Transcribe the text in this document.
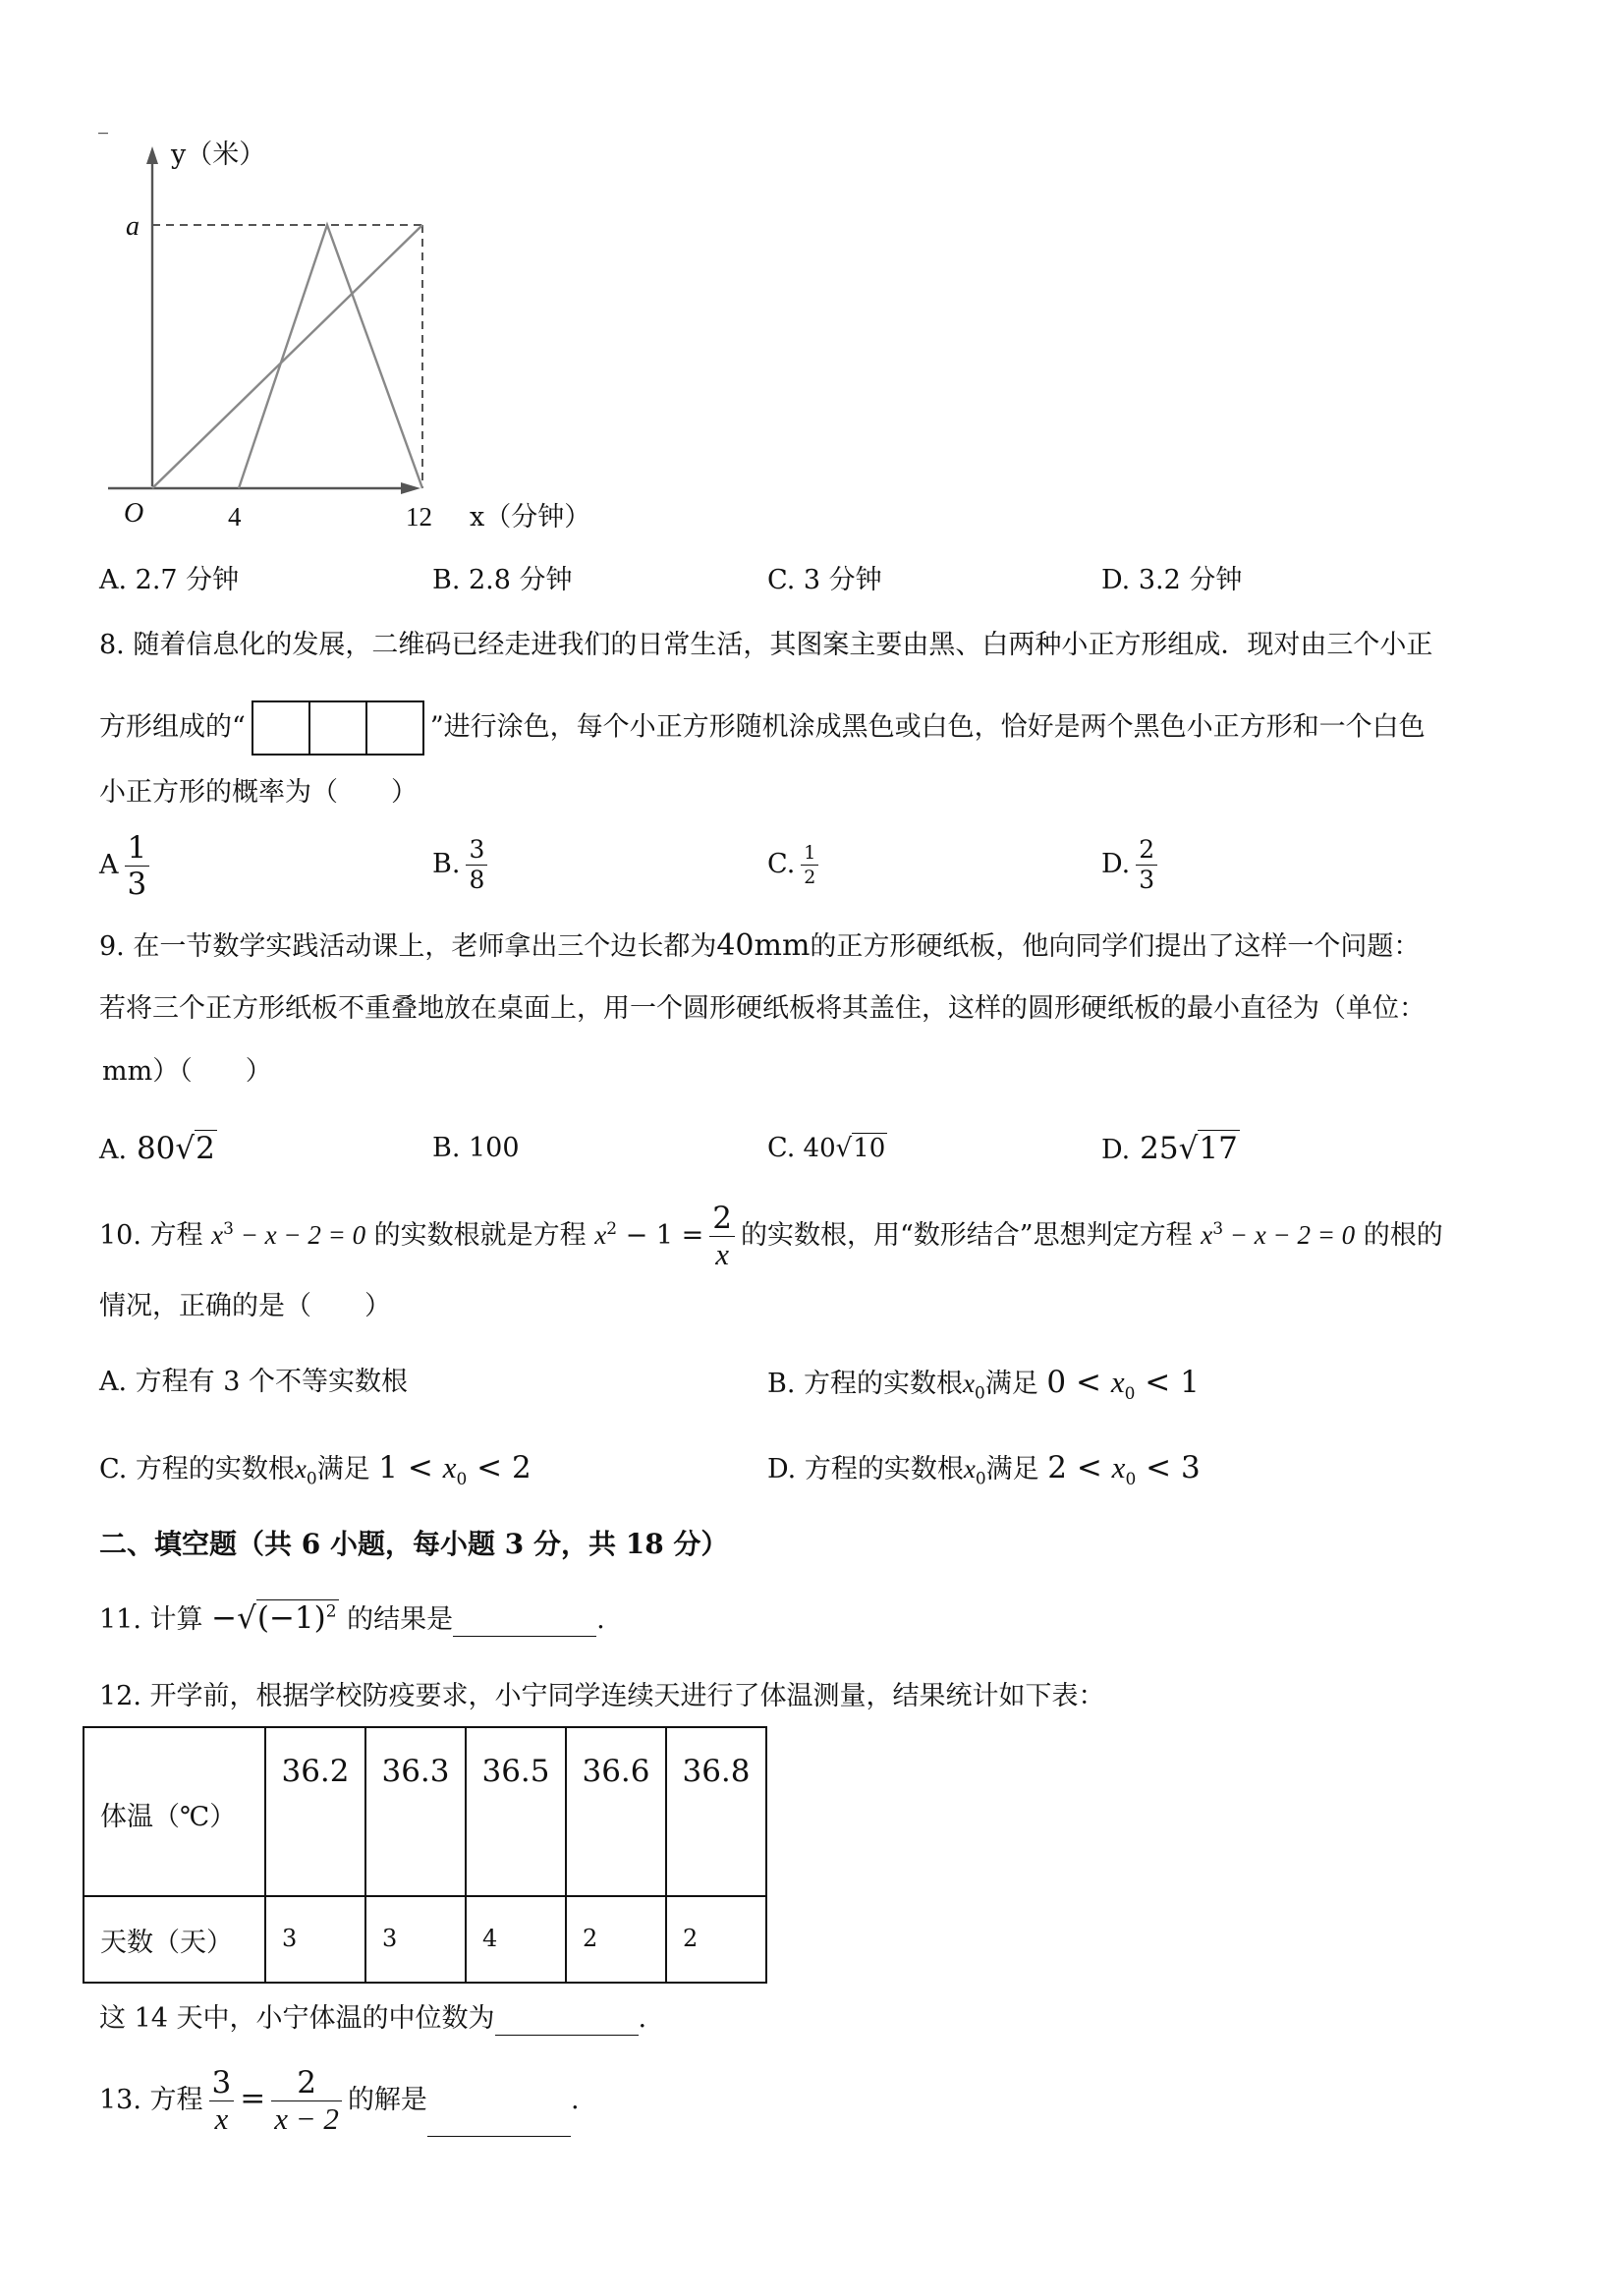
y（米）
a
O	4	12 x（分钟）
A. 2.7 分钟	B. 2.8 分钟	C. 3 分钟	D. 3.2 分钟
8. 随着信息化的发展，二维码已经走进我们的日常生活，其图案主要由黑、白两种小正方形组成．现对由三个小正
方形组成的“	”进行涂色，每个小正方形随机涂成黑色或白色，恰好是两个黑色小正方形和一个白色
小正方形的概率为（　　）
A $\frac{1}{3}$	B. $\frac{3}{8}$	C. $\frac{1}{2}$	D. $\frac{2}{3}$
9. 在一节数学实践活动课上，老师拿出三个边长都为40mm的正方形硬纸板，他向同学们提出了这样一个问题：
若将三个正方形纸板不重叠地放在桌面上，用一个圆形硬纸板将其盖住，这样的圆形硬纸板的最小直径为（单位：
mm）（　　）
A. 80√2	B. 100	C. 40√10	D. 25√17
10. 方程 $x^3 - x - 2 = 0$ 的实数根就是方程 $x^2 - 1 = \frac{2}{x}$ 的实数根，用“数形结合”思想判定方程 $x^3 - x - 2 = 0$ 的根的
情况，正确的是（　　）
A. 方程有 3 个不等实数根	B. 方程的实数根$x_0$满足 $0 < x_0 < 1$
C. 方程的实数根$x_0$满足 $1 < x_0 < 2$	D. 方程的实数根$x_0$满足 $2 < x_0 < 3$
二、填空题（共 6 小题，每小题 3 分，共 18 分）
11. 计算 $-√(-1)^2$ 的结果是	.
12. 开学前，根据学校防疫要求，小宁同学连续天进行了体温测量，结果统计如下表：
体温（℃）	36.2	36.3	36.5	36.6	36.8

天数（天）	3	3	4	2	2
这 14 天中，小宁体温的中位数为	.
13. 方程 $\frac{3}{x} = \frac{2}{x - 2}$ 的解是	.
